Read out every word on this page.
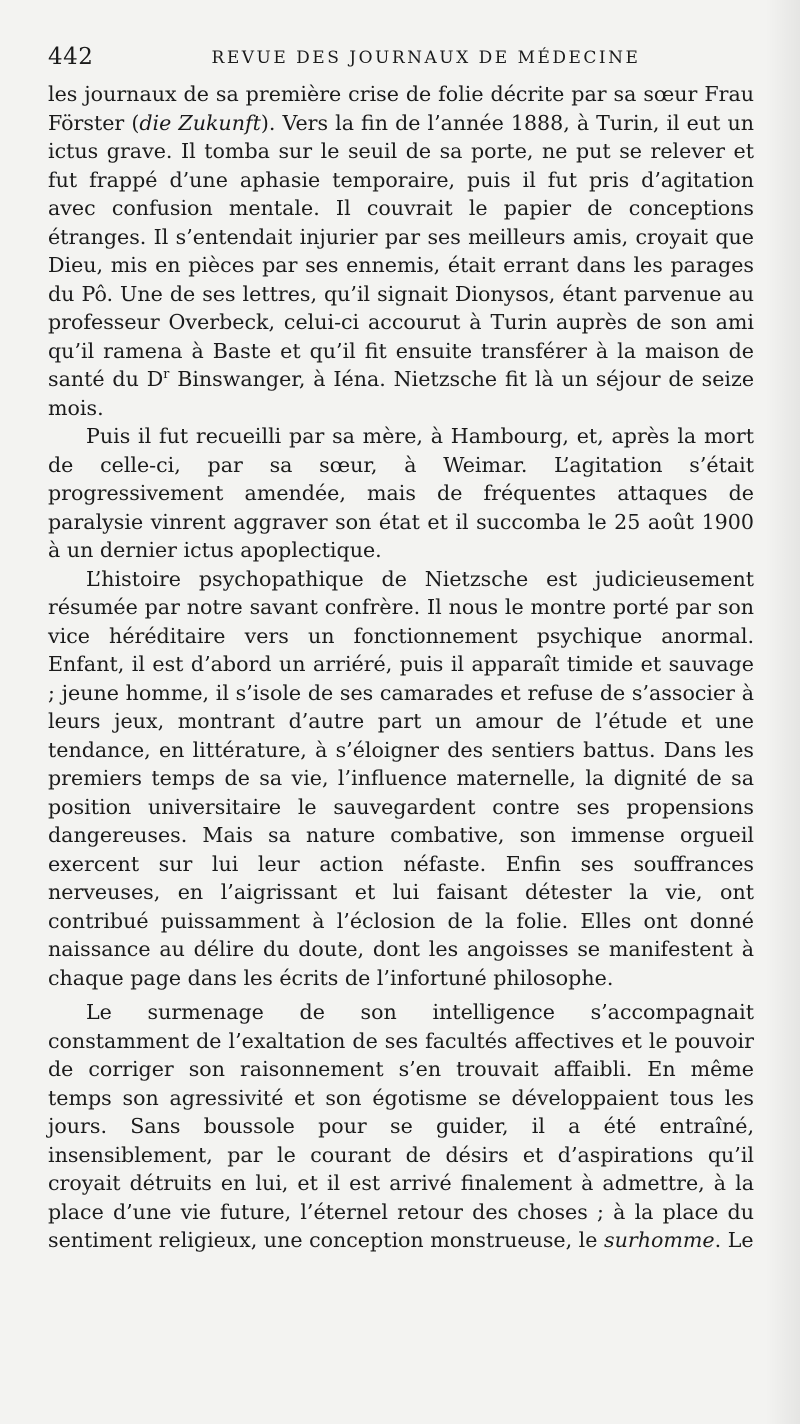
442	REVUE DES JOURNAUX DE MÉDECINE

les journaux de sa première crise de folie décrite par sa sœur Frau Förster (die Zukunft). Vers la fin de l’année 1888, à Turin, il eut un ictus grave. Il tomba sur le seuil de sa porte, ne put se relever et fut frappé d’une aphasie temporaire, puis il fut pris d’agitation avec confusion mentale. Il couvrait le papier de conceptions étranges. Il s’entendait injurier par ses meilleurs amis, croyait que Dieu, mis en pièces par ses ennemis, était errant dans les parages du Pô. Une de ses lettres, qu’il signait Dionysos, étant parvenue au professeur Overbeck, celui-ci accourut à Turin auprès de son ami qu’il ramena à Baste et qu’il fit ensuite transférer à la maison de santé du $D^r$ Binswanger, à Iéna. Nietzsche fit là un séjour de seize mois.

Puis il fut recueilli par sa mère, à Hambourg, et, après la mort de celle-ci, par sa sœur, à Weimar. L’agitation s’était progressivement amendée, mais de fréquentes attaques de paralysie vinrent aggraver son état et il succomba le 25 août 1900 à un dernier ictus apoplectique.

L’histoire psychopathique de Nietzsche est judicieusement résumée par notre savant confrère. Il nous le montre porté par son vice héréditaire vers un fonctionnement psychique anormal. Enfant, il est d’abord un arriéré, puis il apparaît timide et sauvage ; jeune homme, il s’isole de ses camarades et refuse de s’associer à leurs jeux, montrant d’autre part un amour de l’étude et une tendance, en littérature, à s’éloigner des sentiers battus. Dans les premiers temps de sa vie, l’influence maternelle, la dignité de sa position universitaire le sauvegardent contre ses propensions dangereuses. Mais sa nature combative, son immense orgueil exercent sur lui leur action néfaste. Enfin ses souffrances nerveuses, en l’aigrissant et lui faisant détester la vie, ont contribué puissamment à l’éclosion de la folie. Elles ont donné naissance au délire du doute, dont les angoisses se manifestent à chaque page dans les écrits de l’infortuné philosophe.

Le surmenage de son intelligence s’accompagnait constamment de l’exaltation de ses facultés affectives et le pouvoir de corriger son raisonnement s’en trouvait affaibli. En même temps son agressivité et son égotisme se développaient tous les jours. Sans boussole pour se guider, il a été entraîné, insensiblement, par le courant de désirs et d’aspirations qu’il croyait détruits en lui, et il est arrivé finalement à admettre, à la place d’une vie future, l’éternel retour des choses ; à la place du sentiment religieux, une conception monstrueuse, le surhomme. Le
